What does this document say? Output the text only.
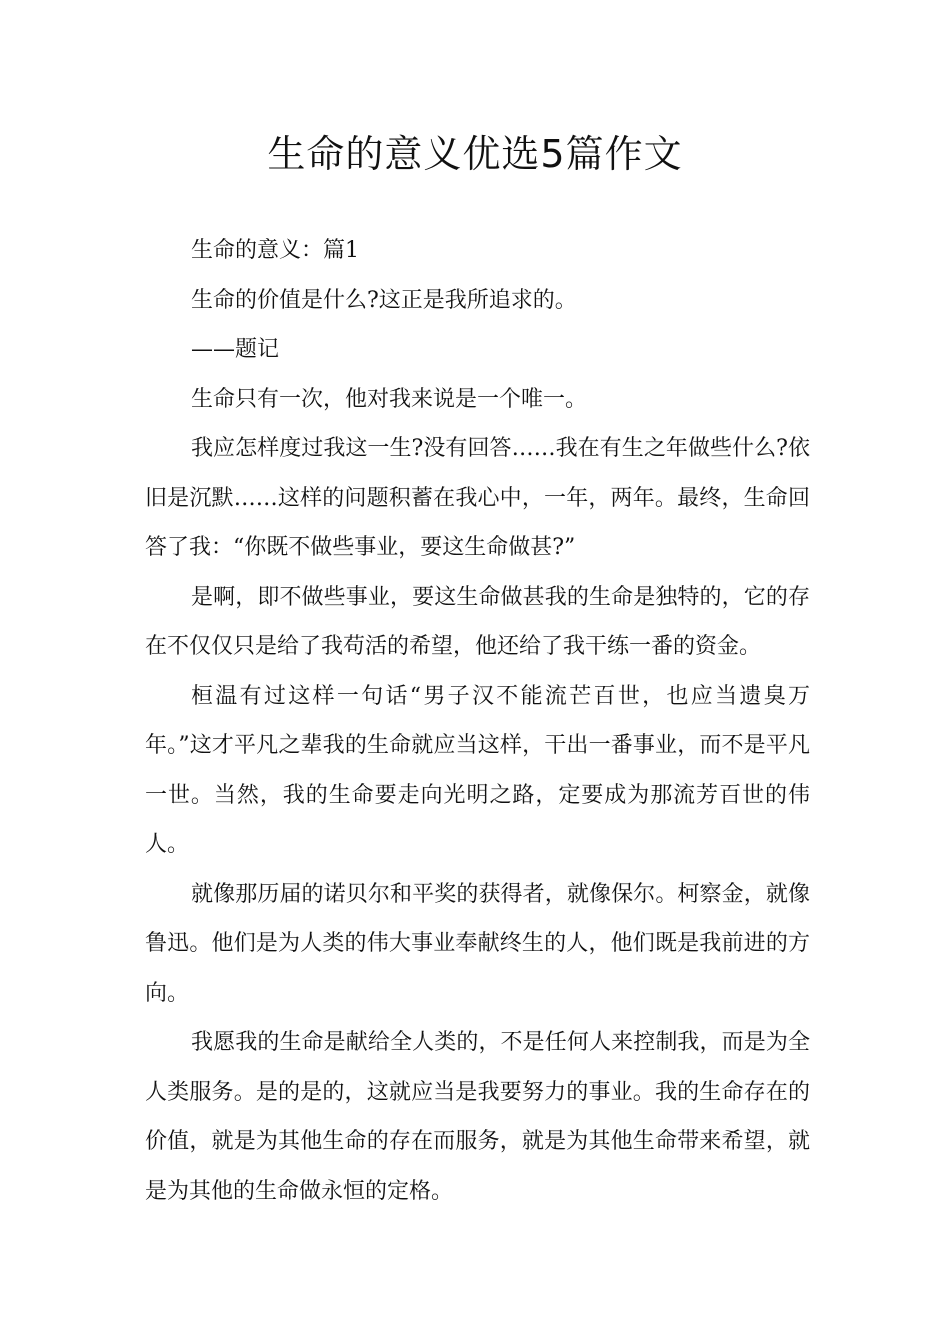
生命的意义优选5篇作文

生命的意义：篇1

生命的价值是什么?这正是我所追求的。

——题记

生命只有一次，他对我来说是一个唯一。

我应怎样度过我这一生?没有回答……我在有生之年做些什么?依旧是沉默……这样的问题积蓄在我心中，一年，两年。最终，生命回答了我：“你既不做些事业，要这生命做甚?”

是啊，即不做些事业，要这生命做甚我的生命是独特的，它的存在不仅仅只是给了我苟活的希望，他还给了我干练一番的资金。

桓温有过这样一句话“男子汉不能流芒百世，也应当遗臭万年。”这才平凡之辈我的生命就应当这样，干出一番事业，而不是平凡一世。当然，我的生命要走向光明之路，定要成为那流芳百世的伟人。

就像那历届的诺贝尔和平奖的获得者，就像保尔。柯察金，就像鲁迅。他们是为人类的伟大事业奉献终生的人，他们既是我前进的方向。

我愿我的生命是献给全人类的，不是任何人来控制我，而是为全人类服务。是的是的，这就应当是我要努力的事业。我的生命存在的价值，就是为其他生命的存在而服务，就是为其他生命带来希望，就是为其他的生命做永恒的定格。
